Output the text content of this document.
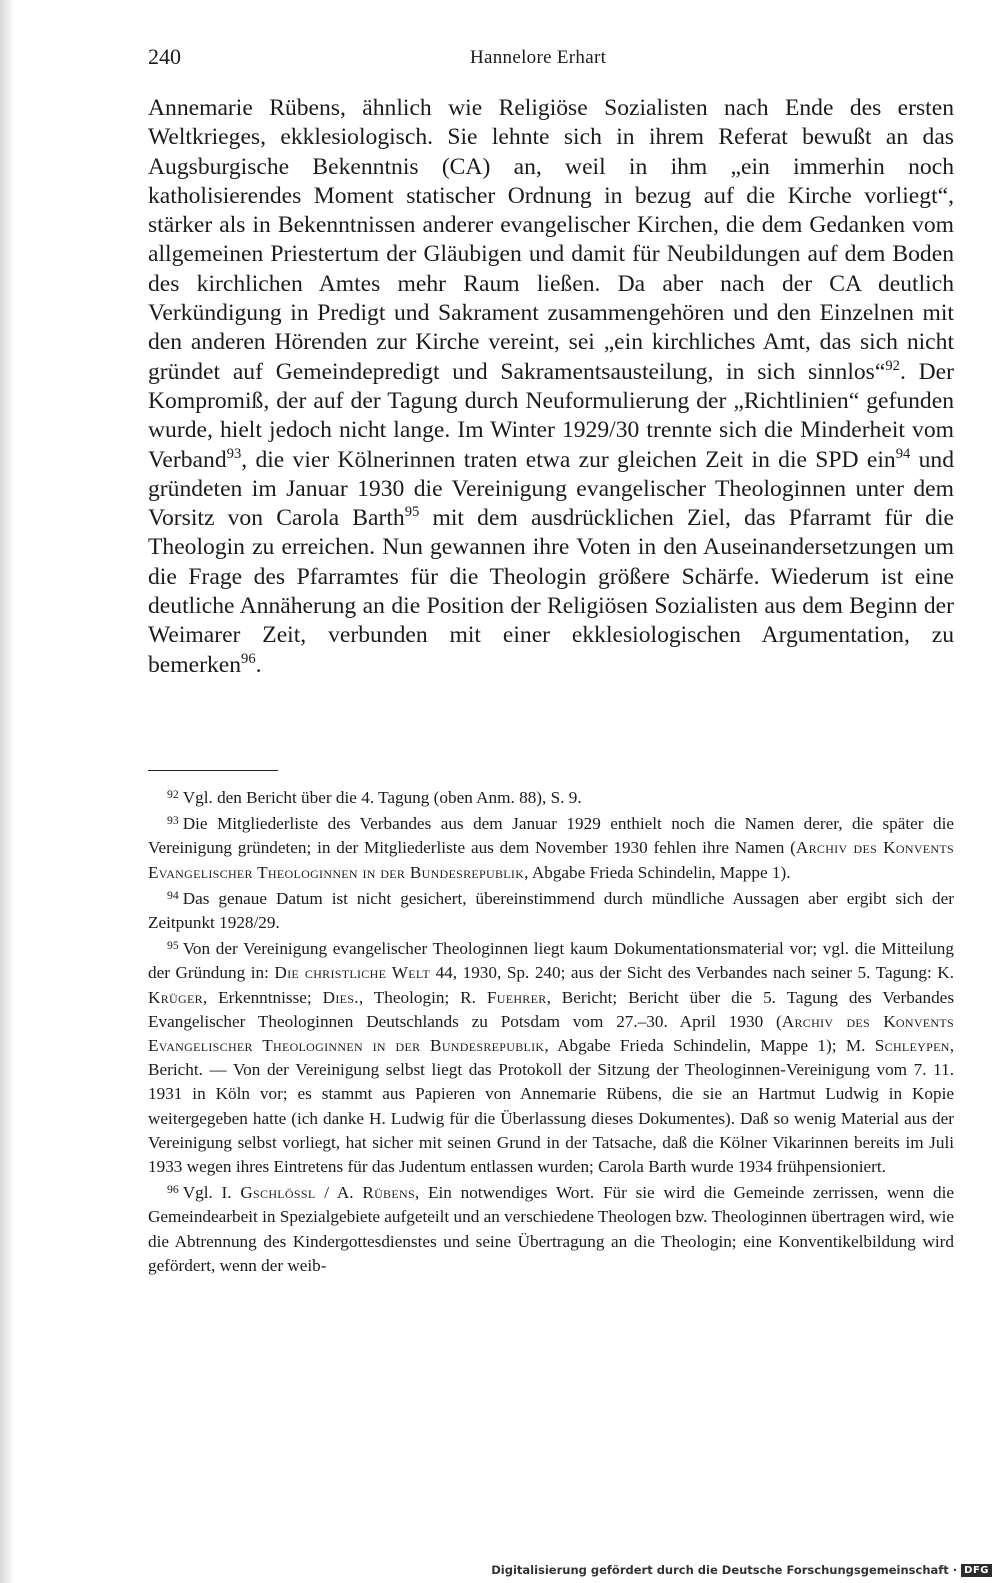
240	Hannelore Erhart

Annemarie Rübens, ähnlich wie Religiöse Sozialisten nach Ende des ersten Weltkrieges, ekklesiologisch. Sie lehnte sich in ihrem Referat bewußt an das Augsburgische Bekenntnis (CA) an, weil in ihm „ein immerhin noch katholisierendes Moment statischer Ordnung in bezug auf die Kirche vorliegt“, stärker als in Bekenntnissen anderer evangelischer Kirchen, die dem Gedanken vom allgemeinen Priestertum der Gläubigen und damit für Neubildungen auf dem Boden des kirchlichen Amtes mehr Raum ließen. Da aber nach der CA deutlich Verkündigung in Predigt und Sakrament zusammengehören und den Einzelnen mit den anderen Hörenden zur Kirche vereint, sei „ein kirchliches Amt, das sich nicht gründet auf Gemeindepredigt und Sakramentsausteilung, in sich sinnlos“$^{92}$. Der Kompromiß, der auf der Tagung durch Neuformulierung der „Richtlinien“ gefunden wurde, hielt jedoch nicht lange. Im Winter 1929/30 trennte sich die Minderheit vom Verband$^{93}$, die vier Kölnerinnen traten etwa zur gleichen Zeit in die SPD ein$^{94}$ und gründeten im Januar 1930 die Vereinigung evangelischer Theologinnen unter dem Vorsitz von Carola Barth$^{95}$ mit dem ausdrücklichen Ziel, das Pfarramt für die Theologin zu erreichen. Nun gewannen ihre Voten in den Auseinandersetzungen um die Frage des Pfarramtes für die Theologin größere Schärfe. Wiederum ist eine deutliche Annäherung an die Position der Religiösen Sozialisten aus dem Beginn der Weimarer Zeit, verbunden mit einer ekklesiologischen Argumentation, zu bemerken$^{96}$.

$^{92}$ Vgl. den Bericht über die 4. Tagung (oben Anm. 88), S. 9.

$^{93}$ Die Mitgliederliste des Verbandes aus dem Januar 1929 enthielt noch die Namen derer, die später die Vereinigung gründeten; in der Mitgliederliste aus dem November 1930 fehlen ihre Namen (Archiv des Konvents Evangelischer Theologinnen in der Bundesrepublik, Abgabe Frieda Schindelin, Mappe 1).

$^{94}$ Das genaue Datum ist nicht gesichert, übereinstimmend durch mündliche Aussagen aber ergibt sich der Zeitpunkt 1928/29.

$^{95}$ Von der Vereinigung evangelischer Theologinnen liegt kaum Dokumentationsmaterial vor; vgl. die Mitteilung der Gründung in: Die christliche Welt 44, 1930, Sp. 240; aus der Sicht des Verbandes nach seiner 5. Tagung: K. Krüger, Erkenntnisse; Dies., Theologin; R. Fuehrer, Bericht; Bericht über die 5. Tagung des Verbandes Evangelischer Theologinnen Deutschlands zu Potsdam vom 27.–30. April 1930 (Archiv des Konvents Evangelischer Theologinnen in der Bundesrepublik, Abgabe Frieda Schindelin, Mappe 1); M. Schleypen, Bericht. — Von der Vereinigung selbst liegt das Protokoll der Sitzung der Theologinnen-Vereinigung vom 7. 11. 1931 in Köln vor; es stammt aus Papieren von Annemarie Rübens, die sie an Hartmut Ludwig in Kopie weitergegeben hatte (ich danke H. Ludwig für die Überlassung dieses Dokumentes). Daß so wenig Material aus der Vereinigung selbst vorliegt, hat sicher mit seinen Grund in der Tatsache, daß die Kölner Vikarinnen bereits im Juli 1933 wegen ihres Eintretens für das Judentum entlassen wurden; Carola Barth wurde 1934 frühpensioniert.

$^{96}$ Vgl. I. Gschlössl / A. Rübens, Ein notwendiges Wort. Für sie wird die Gemeinde zerrissen, wenn die Gemeindearbeit in Spezialgebiete aufgeteilt und an verschiedene Theologen bzw. Theologinnen übertragen wird, wie die Abtrennung des Kindergottesdienstes und seine Übertragung an die Theologin; eine Konventikelbildung wird gefördert, wenn der weib-

Digitalisierung gefördert durch die Deutsche Forschungsgemeinschaft · DFG
